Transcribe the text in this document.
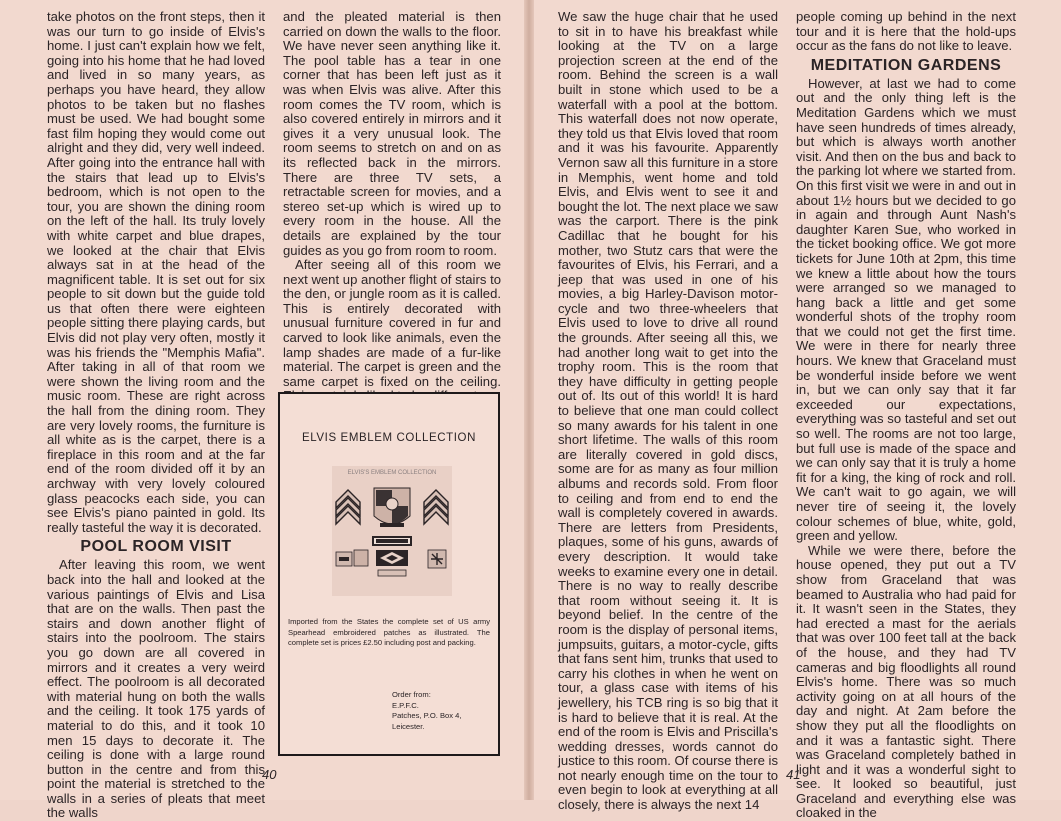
take photos on the front steps, then it was our turn to go inside of Elvis's home. I just can't explain how we felt, going into his home that he had loved and lived in so many years, as perhaps you have heard, they allow photos to be taken but no flashes must be used. We had bought some fast film hoping they would come out alright and they did, very well indeed. After going into the entrance hall with the stairs that lead up to Elvis's bedroom, which is not open to the tour, you are shown the dining room on the left of the hall. Its truly lovely with white carpet and blue drapes, we looked at the chair that Elvis always sat in at the head of the magnificent table. It is set out for six people to sit down but the guide told us that often there were eighteen people sitting there playing cards, but Elvis did not play very often, mostly it was his friends the "Memphis Mafia". After taking in all of that room we were shown the living room and the music room. These are right across the hall from the dining room. They are very lovely rooms, the furniture is all white as is the carpet, there is a fireplace in this room and at the far end of the room divided off it by an archway with very lovely coloured glass peacocks each side, you can see Elvis's piano painted in gold. Its really tasteful the way it is decorated.

POOL ROOM VISIT

After leaving this room, we went back into the hall and looked at the various paintings of Elvis and Lisa that are on the walls. Then past the stairs and down another flight of stairs into the poolroom. The stairs you go down are all covered in mirrors and it creates a very weird effect. The poolroom is all decorated with material hung on both the walls and the ceiling. It took 175 yards of material to do this, and it took 10 men 15 days to decorate it. The ceiling is done with a large round button in the centre and from this point the material is stretched to the walls in a series of pleats that meet the walls

and the pleated material is then carried on down the walls to the floor. We have never seen anything like it. The pool table has a tear in one corner that has been left just as it was when Elvis was alive. After this room comes the TV room, which is also covered entirely in mirrors and it gives it a very unusual look. The room seems to stretch on and on as its reflected back in the mirrors. There are three TV sets, a retractable screen for movies, and a stereo set-up which is wired up to every room in the house. All the details are explained by the tour guides as you go from room to room.

After seeing all of this room we next went up another flight of stairs to the den, or jungle room as it is called. This is entirely decorated with unusual furniture covered in fur and carved to look like animals, even the lamp shades are made of a fur-like material. The carpet is green and the same carpet is fixed on the ceiling.

ELVIS EMBLEM COLLECTION
ELVIS'S EMBLEM COLLECTION
Imported from the States the complete set of US army Spearhead embroidered patches as illustrated. The complete set is prices £2.50 including post and packing.
Order from:
E.P.F.C.
Patches, P.O. Box 4,
Leicester.
40

We saw the huge chair that he used to sit in to have his breakfast while looking at the TV on a large projection screen at the end of the room. Behind the screen is a wall built in stone which used to be a waterfall with a pool at the bottom. This waterfall does not now operate, they told us that Elvis loved that room and it was his favourite. Apparently Vernon saw all this furniture in a store in Memphis, went home and told Elvis, and Elvis went to see it and bought the lot. The next place we saw was the carport. There is the pink Cadillac that he bought for his mother, two Stutz cars that were the favourites of Elvis, his Ferrari, and a jeep that was used in one of his movies, a big Harley-Davison motor-cycle and two three-wheelers that Elvis used to love to drive all round the grounds. After seeing all this, we had another long wait to get into the trophy room. This is the room that they have difficulty in getting people out of. Its out of this world! It is hard to believe that one man could collect so many awards for his talent in one short lifetime. The walls of this room are literally covered in gold discs, some are for as many as four million albums and records sold. From floor to ceiling and from end to end the wall is completely covered in awards. There are letters from Presidents, plaques, some of his guns, awards of every description. It would take weeks to examine every one in detail. There is no way to really describe that room without seeing it. It is beyond belief. In the centre of the room is the display of personal items, jumpsuits, guitars, a motor-cycle, gifts that fans sent him, trunks that used to carry his clothes in when he went on tour, a glass case with items of his jewellery, his TCB ring is so big that it is hard to believe that it is real. At the end of the room is Elvis and Priscilla's wedding dresses, words cannot do justice to this room. Of course there is not nearly enough time on the tour to even begin to look at everything at all closely, there is always the next 14

people coming up behind in the next tour and it is here that the hold-ups occur as the fans do not like to leave.

MEDITATION GARDENS

However, at last we had to come out and the only thing left is the Meditation Gardens which we must have seen hundreds of times already, but which is always worth another visit. And then on the bus and back to the parking lot where we started from. On this first visit we were in and out in about 1½ hours but we decided to go in again and through Aunt Nash's daughter Karen Sue, who worked in the ticket booking office. We got more tickets for June 10th at 2pm, this time we knew a little about how the tours were arranged so we managed to hang back a little and get some wonderful shots of the trophy room that we could not get the first time. We were in there for nearly three hours. We knew that Graceland must be wonderful inside before we went in, but we can only say that it far exceeded our expectations, everything was so tasteful and set out so well. The rooms are not too large, but full use is made of the space and we can only say that it is truly a home fit for a king, the king of rock and roll. We can't wait to go again, we will never tire of seeing it, the lovely colour schemes of blue, white, gold, green and yellow.

While we were there, before the house opened, they put out a TV show from Graceland that was beamed to Australia who had paid for it. It wasn't seen in the States, they had erected a mast for the aerials that was over 100 feet tall at the back of the house, and they had TV cameras and big floodlights all round Elvis's home. There was so much activity going on at all hours of the day and night. At 2am before the show they put all the floodlights on and it was a fantastic sight. There was Graceland completely bathed in light and it was a wonderful sight to see. It looked so beautiful, just Graceland and everything else was cloaked in the

41
